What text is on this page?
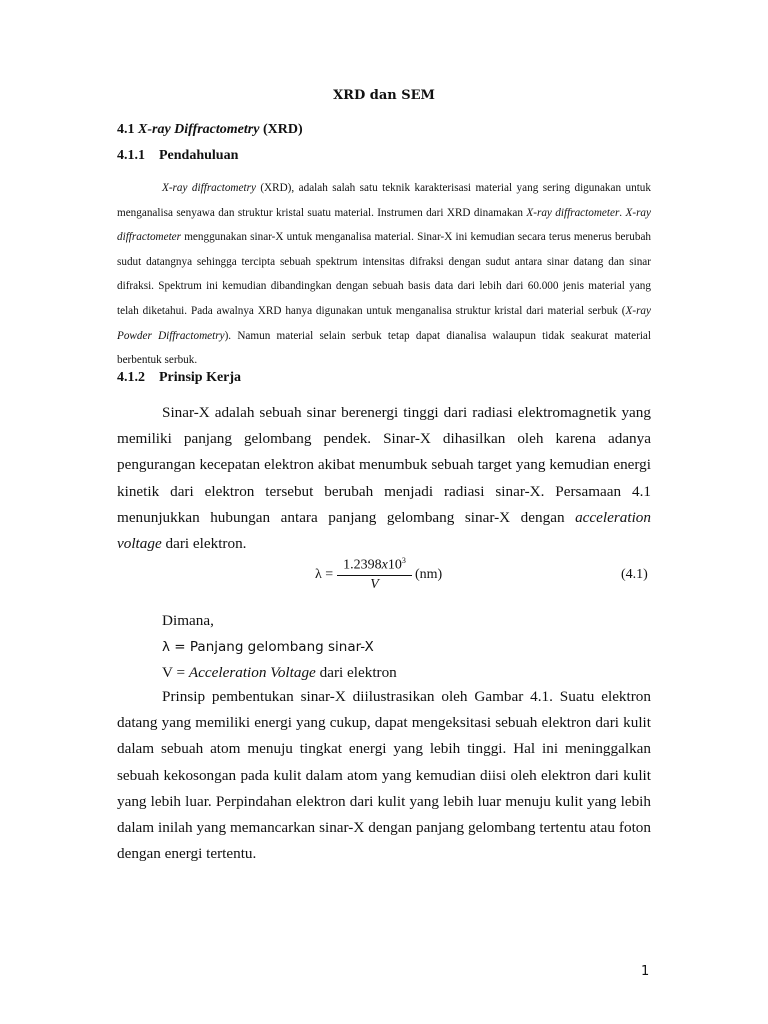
XRD dan SEM
4.1 X-ray Diffractometry (XRD)
4.1.1 Pendahuluan

X-ray diffractometry (XRD), adalah salah satu teknik karakterisasi material yang sering digunakan untuk menganalisa senyawa dan struktur kristal suatu material. Instrumen dari XRD dinamakan X-ray diffractometer. X-ray diffractometer menggunakan sinar-X untuk menganalisa material. Sinar-X ini kemudian secara terus menerus berubah sudut datangnya sehingga tercipta sebuah spektrum intensitas difraksi dengan sudut antara sinar datang dan sinar difraksi. Spektrum ini kemudian dibandingkan dengan sebuah basis data dari lebih dari 60.000 jenis material yang telah diketahui. Pada awalnya XRD hanya digunakan untuk menganalisa struktur kristal dari material serbuk (X-ray Powder Diffractometry). Namun material selain serbuk tetap dapat dianalisa walaupun tidak seakurat material berbentuk serbuk.

4.1.2 Prinsip Kerja

Sinar-X adalah sebuah sinar berenergi tinggi dari radiasi elektromagnetik yang memiliki panjang gelombang pendek. Sinar-X dihasilkan oleh karena adanya pengurangan kecepatan elektron akibat menumbuk sebuah target yang kemudian energi kinetik dari elektron tersebut berubah menjadi radiasi sinar-X. Persamaan 4.1 menunjukkan hubungan antara panjang gelombang sinar-X dengan acceleration voltage dari elektron.

λ =
$1.2398x10^3$
V
(nm)	(4.1)
Dimana,
λ = Panjang gelombang sinar-X
V = Acceleration Voltage dari elektron

Prinsip pembentukan sinar-X diilustrasikan oleh Gambar 4.1. Suatu elektron datang yang memiliki energi yang cukup, dapat mengeksitasi sebuah elektron dari kulit dalam sebuah atom menuju tingkat energi yang lebih tinggi. Hal ini meninggalkan sebuah kekosongan pada kulit dalam atom yang kemudian diisi oleh elektron dari kulit yang lebih luar. Perpindahan elektron dari kulit yang lebih luar menuju kulit yang lebih dalam inilah yang memancarkan sinar-X dengan panjang gelombang tertentu atau foton dengan energi tertentu.

1
